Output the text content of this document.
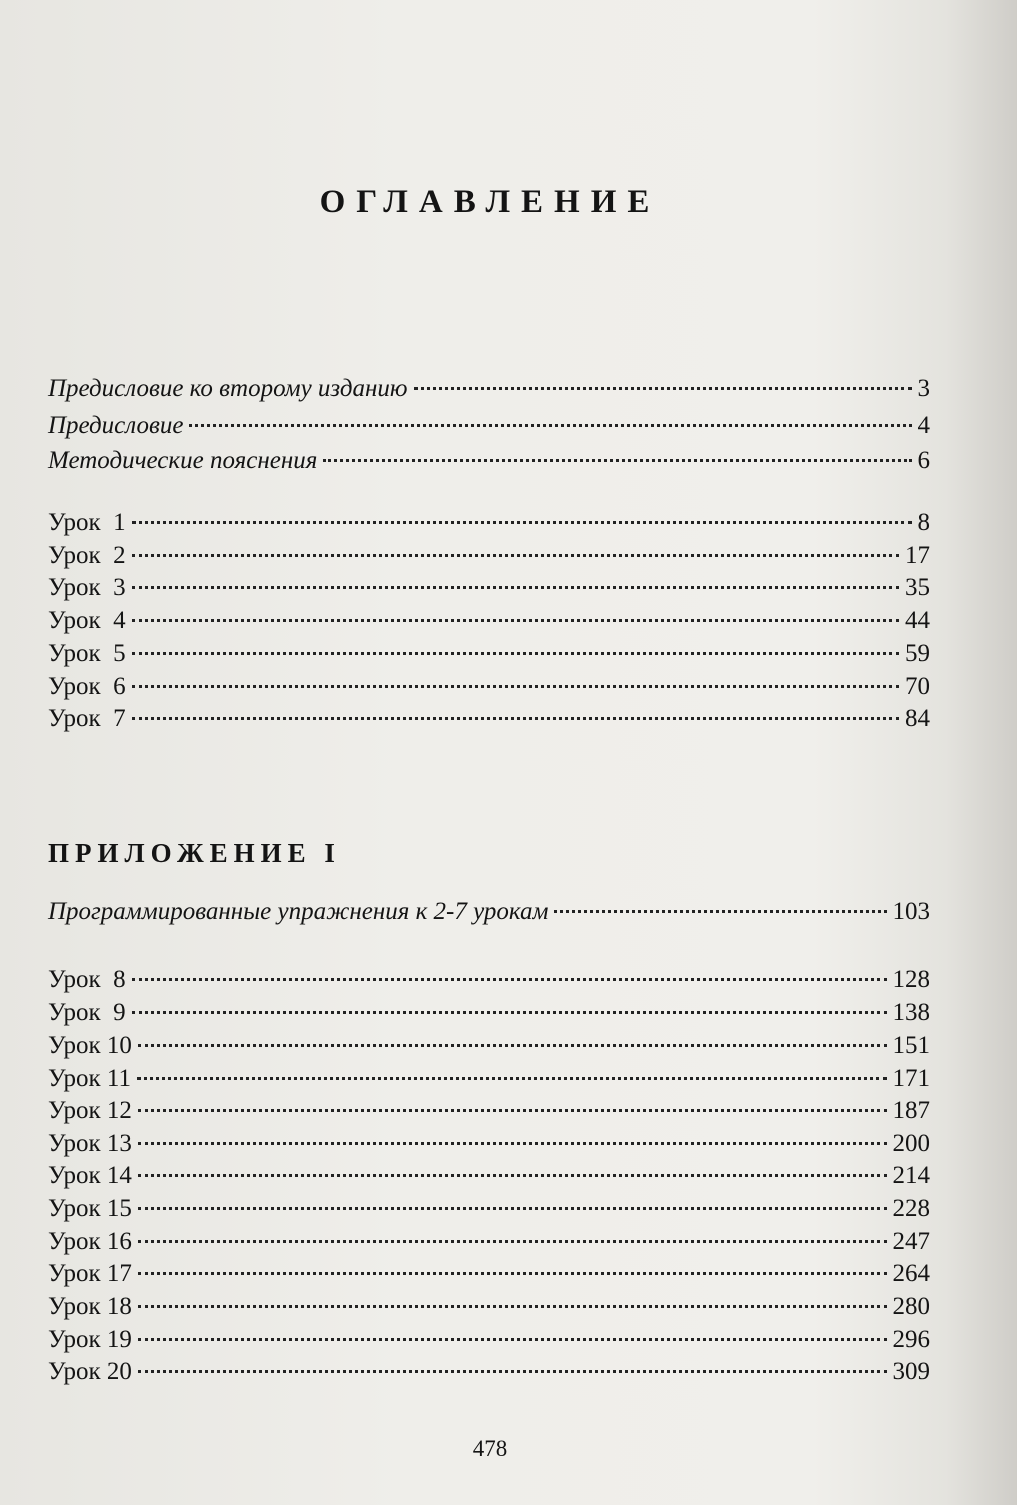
ОГЛАВЛЕНИЕ
Предисловие ко второму изданию	3
Предисловие	4
Методические пояснения	6
Урок  1	8
Урок  2	17
Урок  3	35
Урок  4	44
Урок  5	59
Урок  6	70
Урок  7	84
ПРИЛОЖЕНИЕ I
Программированные упражнения к 2-7 урокам	103
Урок  8	128
Урок  9	138
Урок 10	151
Урок 11	171
Урок 12	187
Урок 13	200
Урок 14	214
Урок 15	228
Урок 16	247
Урок 17	264
Урок 18	280
Урок 19	296
Урок 20	309
478
